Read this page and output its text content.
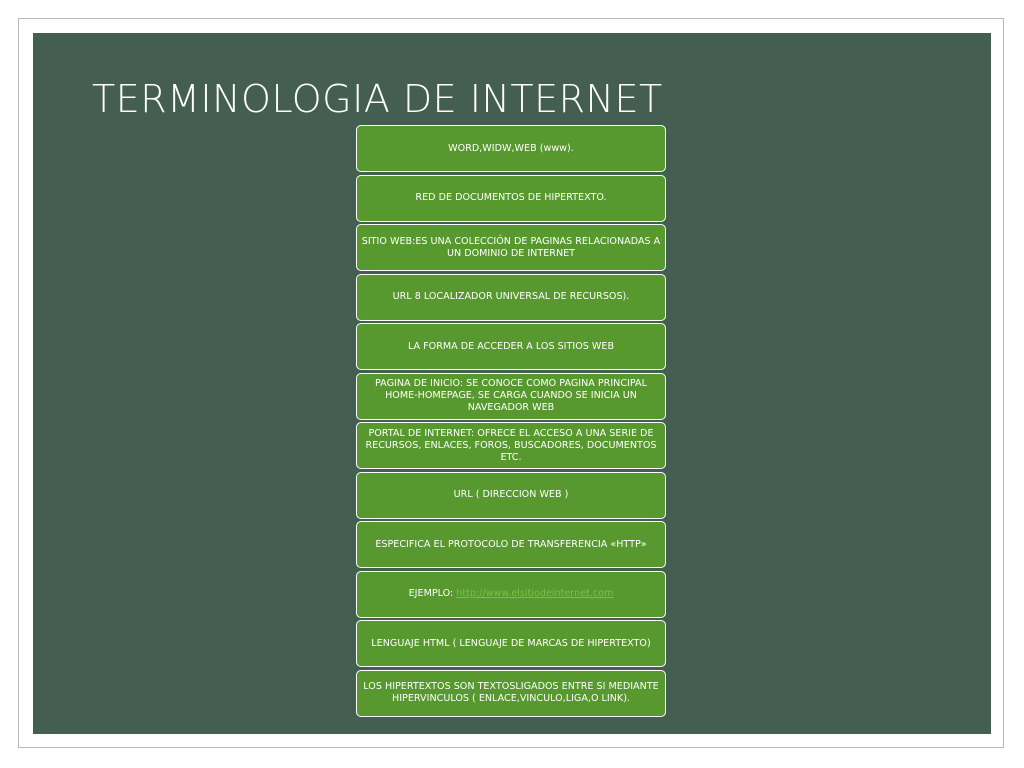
TERMINOLOGIA DE INTERNET
WORD,WIDW,WEB (www).
RED DE DOCUMENTOS DE HIPERTEXTO.
SITIO WEB:ES UNA COLECCIÓN DE PAGINAS RELACIONADAS A UN DOMINIO DE INTERNET
URL 8 LOCALIZADOR UNIVERSAL DE RECURSOS).
LA FORMA DE ACCEDER A LOS SITIOS WEB
PAGINA DE INICIO: SE CONOCE COMO PAGINA PRINCIPAL HOME-HOMEPAGE, SE CARGA CUANDO SE INICIA UN NAVEGADOR WEB
PORTAL DE INTERNET: OFRECE EL ACCESO A UNA SERIE DE RECURSOS, ENLACES, FOROS, BUSCADORES, DOCUMENTOS ETC.
URL ( DIRECCION WEB )
ESPECIFICA EL PROTOCOLO DE TRANSFERENCIA «HTTP»
EJEMPLO: http://www.elsitiodeinternet.com
LENGUAJE HTML ( LENGUAJE DE MARCAS DE HIPERTEXTO)
LOS HIPERTEXTOS SON TEXTOSLIGADOS ENTRE SI MEDIANTE HIPERVINCULOS ( ENLACE,VINCULO,LIGA,O LINK).
